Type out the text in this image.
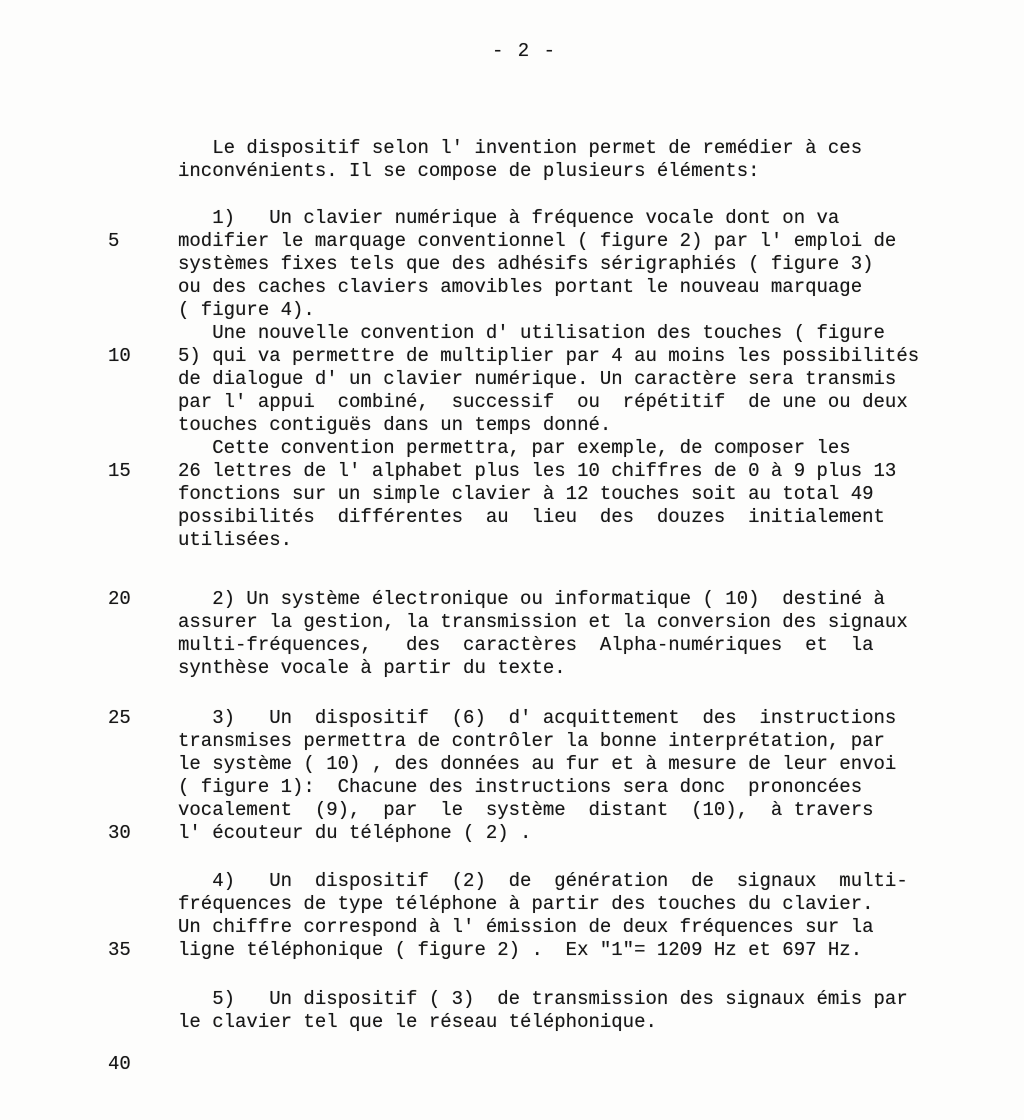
- 2 -
Le dispositif selon l' invention permet de remédier à ces
inconvénients. Il se compose de plusieurs éléments:
1)   Un clavier numérique à fréquence vocale dont on va
5	modifier le marquage conventionnel ( figure 2) par l' emploi de
systèmes fixes tels que des adhésifs sérigraphiés ( figure 3)
ou des caches claviers amovibles portant le nouveau marquage
( figure 4).
Une nouvelle convention d' utilisation des touches ( figure
10	5) qui va permettre de multiplier par 4 au moins les possibilités
de dialogue d' un clavier numérique. Un caractère sera transmis
par l' appui  combiné,  successif  ou  répétitif  de une ou deux
touches contiguës dans un temps donné.
Cette convention permettra, par exemple, de composer les
15	26 lettres de l' alphabet plus les 10 chiffres de 0 à 9 plus 13
fonctions sur un simple clavier à 12 touches soit au total 49
possibilités  différentes  au  lieu  des  douzes  initialement
utilisées.
20	2) Un système électronique ou informatique ( 10)  destiné à
assurer la gestion, la transmission et la conversion des signaux
multi-fréquences,   des  caractères  Alpha-numériques  et  la
synthèse vocale à partir du texte.
25	3)   Un  dispositif  (6)  d' acquittement  des  instructions
transmises permettra de contrôler la bonne interprétation, par
le système ( 10) , des données au fur et à mesure de leur envoi
( figure 1):  Chacune des instructions sera donc  prononcées
vocalement  (9),  par  le  système  distant  (10),  à travers
30	l' écouteur du téléphone ( 2) .
4)   Un  dispositif  (2)  de  génération  de  signaux  multi-
fréquences de type téléphone à partir des touches du clavier.
Un chiffre correspond à l' émission de deux fréquences sur la
35	ligne téléphonique ( figure 2) .  Ex "1"= 1209 Hz et 697 Hz.
5)   Un dispositif ( 3)  de transmission des signaux émis par
le clavier tel que le réseau téléphonique.
40
